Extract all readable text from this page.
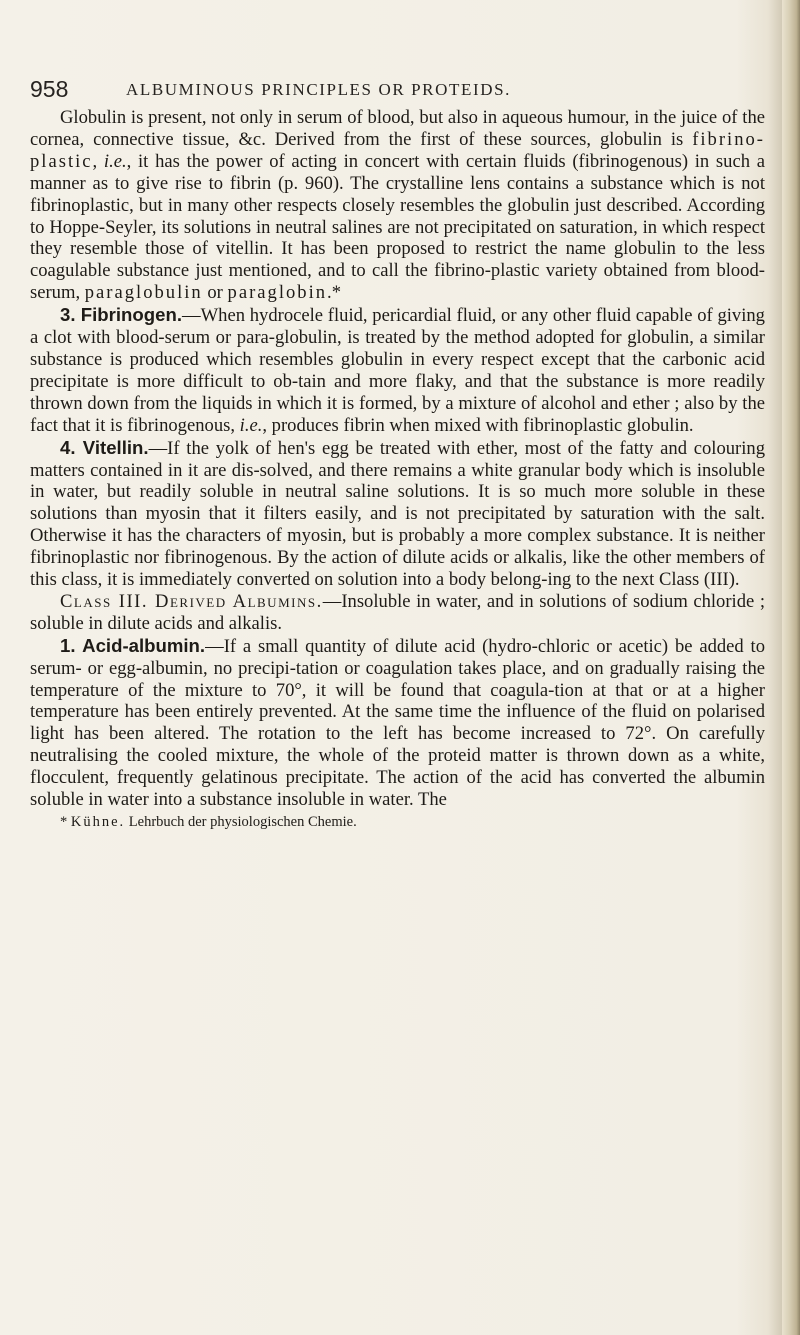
958	ALBUMINOUS PRINCIPLES OR PROTEIDS.

Globulin is present, not only in serum of blood, but also in aqueous humour, in the juice of the cornea, connective tissue, &c. Derived from the first of these sources, globulin is fibrino-plastic, i.e., it has the power of acting in concert with certain fluids (fibrinogenous) in such a manner as to give rise to fibrin (p. 960). The crystalline lens contains a substance which is not fibrinoplastic, but in many other respects closely resembles the globulin just described. According to Hoppe-Seyler, its solutions in neutral salines are not precipitated on saturation, in which respect they resemble those of vitellin. It has been proposed to restrict the name globulin to the less coagulable substance just mentioned, and to call the fibrino-plastic variety obtained from blood-serum, paraglobulin or paraglobin.*

3. Fibrinogen.—When hydrocele fluid, pericardial fluid, or any other fluid capable of giving a clot with blood-serum or para-globulin, is treated by the method adopted for globulin, a similar substance is produced which resembles globulin in every respect except that the carbonic acid precipitate is more difficult to ob-tain and more flaky, and that the substance is more readily thrown down from the liquids in which it is formed, by a mixture of alcohol and ether ; also by the fact that it is fibrinogenous, i.e., produces fibrin when mixed with fibrinoplastic globulin.

4. Vitellin.—If the yolk of hen's egg be treated with ether, most of the fatty and colouring matters contained in it are dis-solved, and there remains a white granular body which is insoluble in water, but readily soluble in neutral saline solutions. It is so much more soluble in these solutions than myosin that it filters easily, and is not precipitated by saturation with the salt. Otherwise it has the characters of myosin, but is probably a more complex substance. It is neither fibrinoplastic nor fibrinogenous. By the action of dilute acids or alkalis, like the other members of this class, it is immediately converted on solution into a body belong-ing to the next Class (III).

Class III. Derived Albumins.—Insoluble in water, and in solutions of sodium chloride ; soluble in dilute acids and alkalis.

1. Acid-albumin.—If a small quantity of dilute acid (hydro-chloric or acetic) be added to serum- or egg-albumin, no precipi-tation or coagulation takes place, and on gradually raising the temperature of the mixture to 70°, it will be found that coagula-tion at that or at a higher temperature has been entirely prevented. At the same time the influence of the fluid on polarised light has been altered. The rotation to the left has become increased to 72°. On carefully neutralising the cooled mixture, the whole of the proteid matter is thrown down as a white, flocculent, frequently gelatinous precipitate. The action of the acid has converted the albumin soluble in water into a substance insoluble in water. The

* Kühne. Lehrbuch der physiologischen Chemie.
